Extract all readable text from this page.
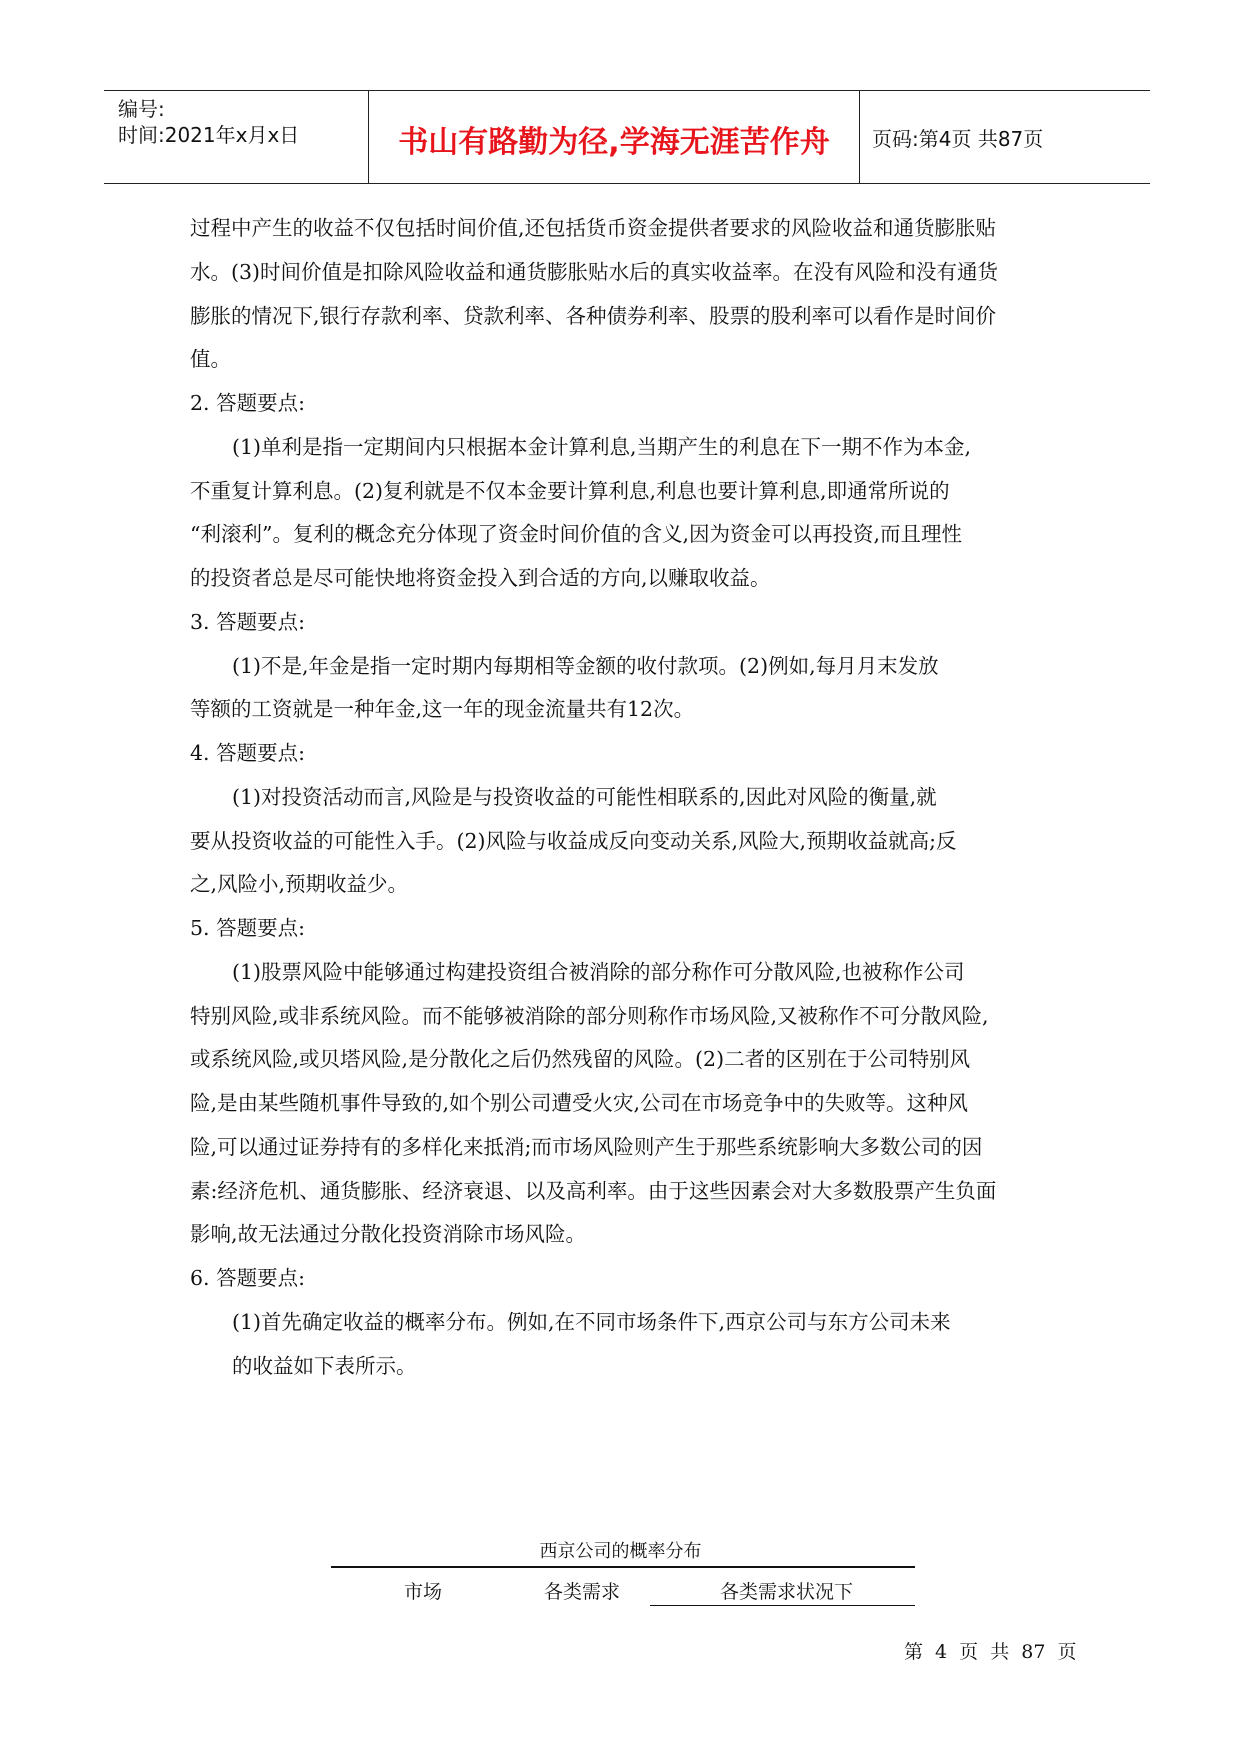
编号:
时间:2021年x月x日	书山有路勤为径,学海无涯苦作舟	页码:第4页 共87页
过程中产生的收益不仅包括时间价值,还包括货币资金提供者要求的风险收益和通货膨胀贴
水。(3)时间价值是扣除风险收益和通货膨胀贴水后的真实收益率。在没有风险和没有通货
膨胀的情况下,银行存款利率、贷款利率、各种债券利率、股票的股利率可以看作是时间价
值。
2. 答题要点:
(1)单利是指一定期间内只根据本金计算利息,当期产生的利息在下一期不作为本金,
不重复计算利息。(2)复利就是不仅本金要计算利息,利息也要计算利息,即通常所说的
“利滚利”。复利的概念充分体现了资金时间价值的含义,因为资金可以再投资,而且理性
的投资者总是尽可能快地将资金投入到合适的方向,以赚取收益。
3. 答题要点:
(1)不是,年金是指一定时期内每期相等金额的收付款项。(2)例如,每月月末发放
等额的工资就是一种年金,这一年的现金流量共有12次。
4. 答题要点:
(1)对投资活动而言,风险是与投资收益的可能性相联系的,因此对风险的衡量,就
要从投资收益的可能性入手。(2)风险与收益成反向变动关系,风险大,预期收益就高;反
之,风险小,预期收益少。
5. 答题要点:
(1)股票风险中能够通过构建投资组合被消除的部分称作可分散风险,也被称作公司
特别风险,或非系统风险。而不能够被消除的部分则称作市场风险,又被称作不可分散风险,
或系统风险,或贝塔风险,是分散化之后仍然残留的风险。(2)二者的区别在于公司特别风
险,是由某些随机事件导致的,如个别公司遭受火灾,公司在市场竞争中的失败等。这种风
险,可以通过证券持有的多样化来抵消;而市场风险则产生于那些系统影响大多数公司的因
素:经济危机、通货膨胀、经济衰退、以及高利率。由于这些因素会对大多数股票产生负面
影响,故无法通过分散化投资消除市场风险。
6. 答题要点:
(1)首先确定收益的概率分布。例如,在不同市场条件下,西京公司与东方公司未来
的收益如下表所示。
西京公司的概率分布
市场	各类需求	各类需求状况下
第 4 页 共 87 页
